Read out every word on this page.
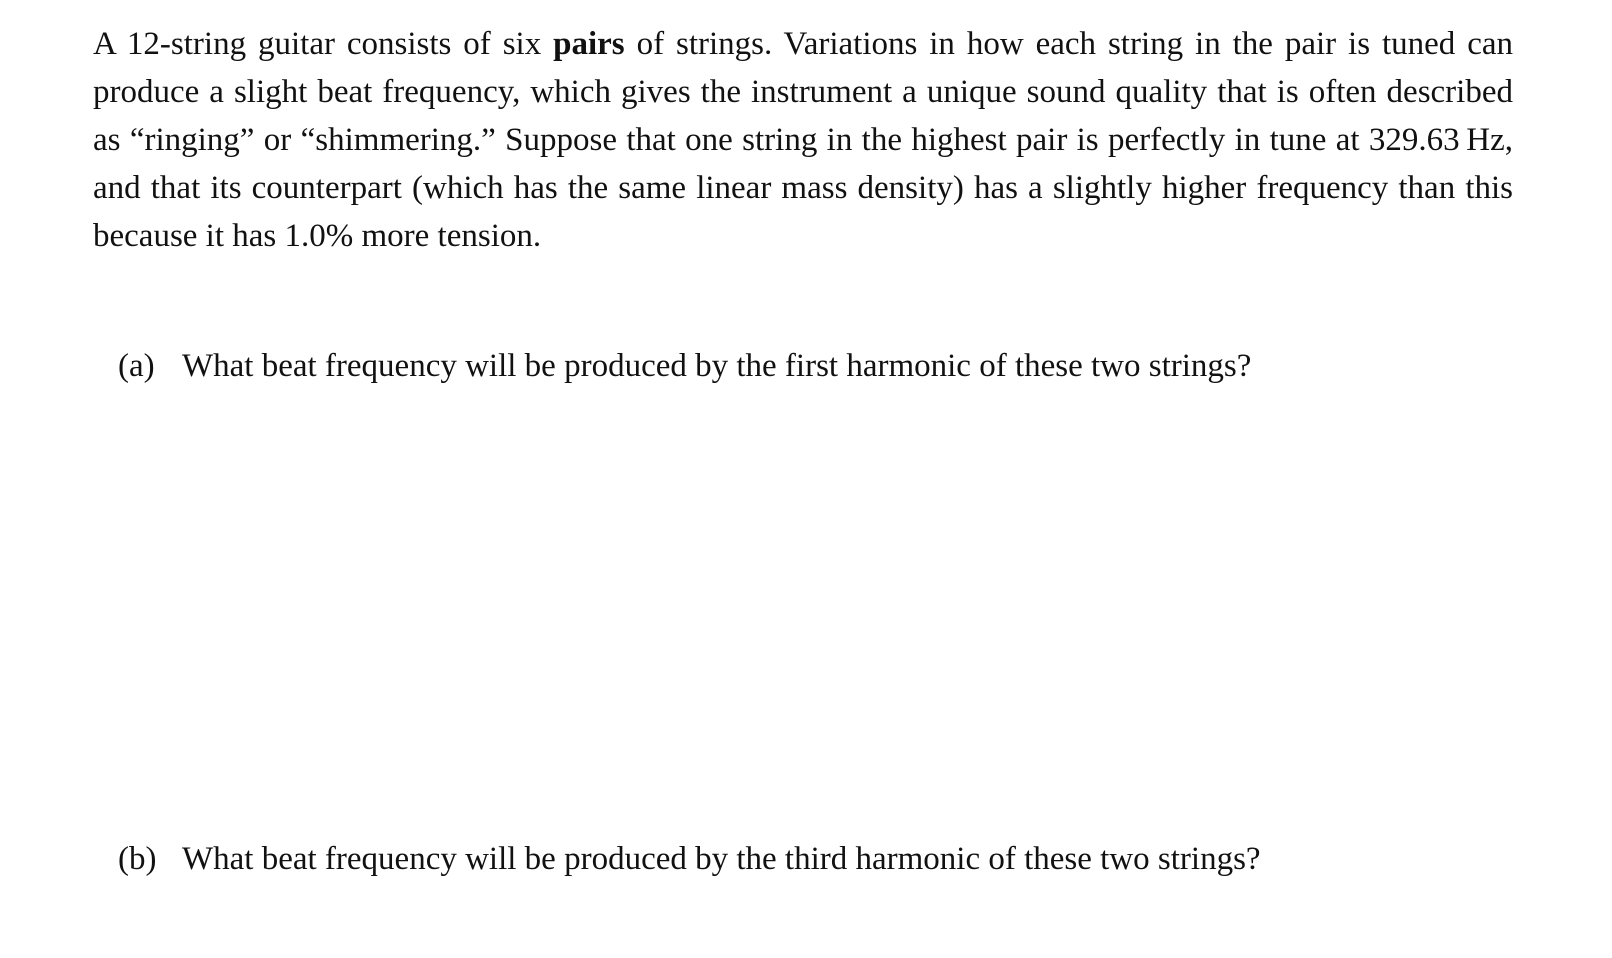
A 12-string guitar consists of six pairs of strings. Variations in how each string in the pair is tuned can produce a slight beat frequency, which gives the instrument a unique sound quality that is often described as “ringing” or “shimmering.” Suppose that one string in the highest pair is perfectly in tune at 329.63 Hz, and that its counterpart (which has the same linear mass density) has a slightly higher frequency than this because it has 1.0% more tension.

(a) What beat frequency will be produced by the first harmonic of these two strings?

(b) What beat frequency will be produced by the third harmonic of these two strings?
